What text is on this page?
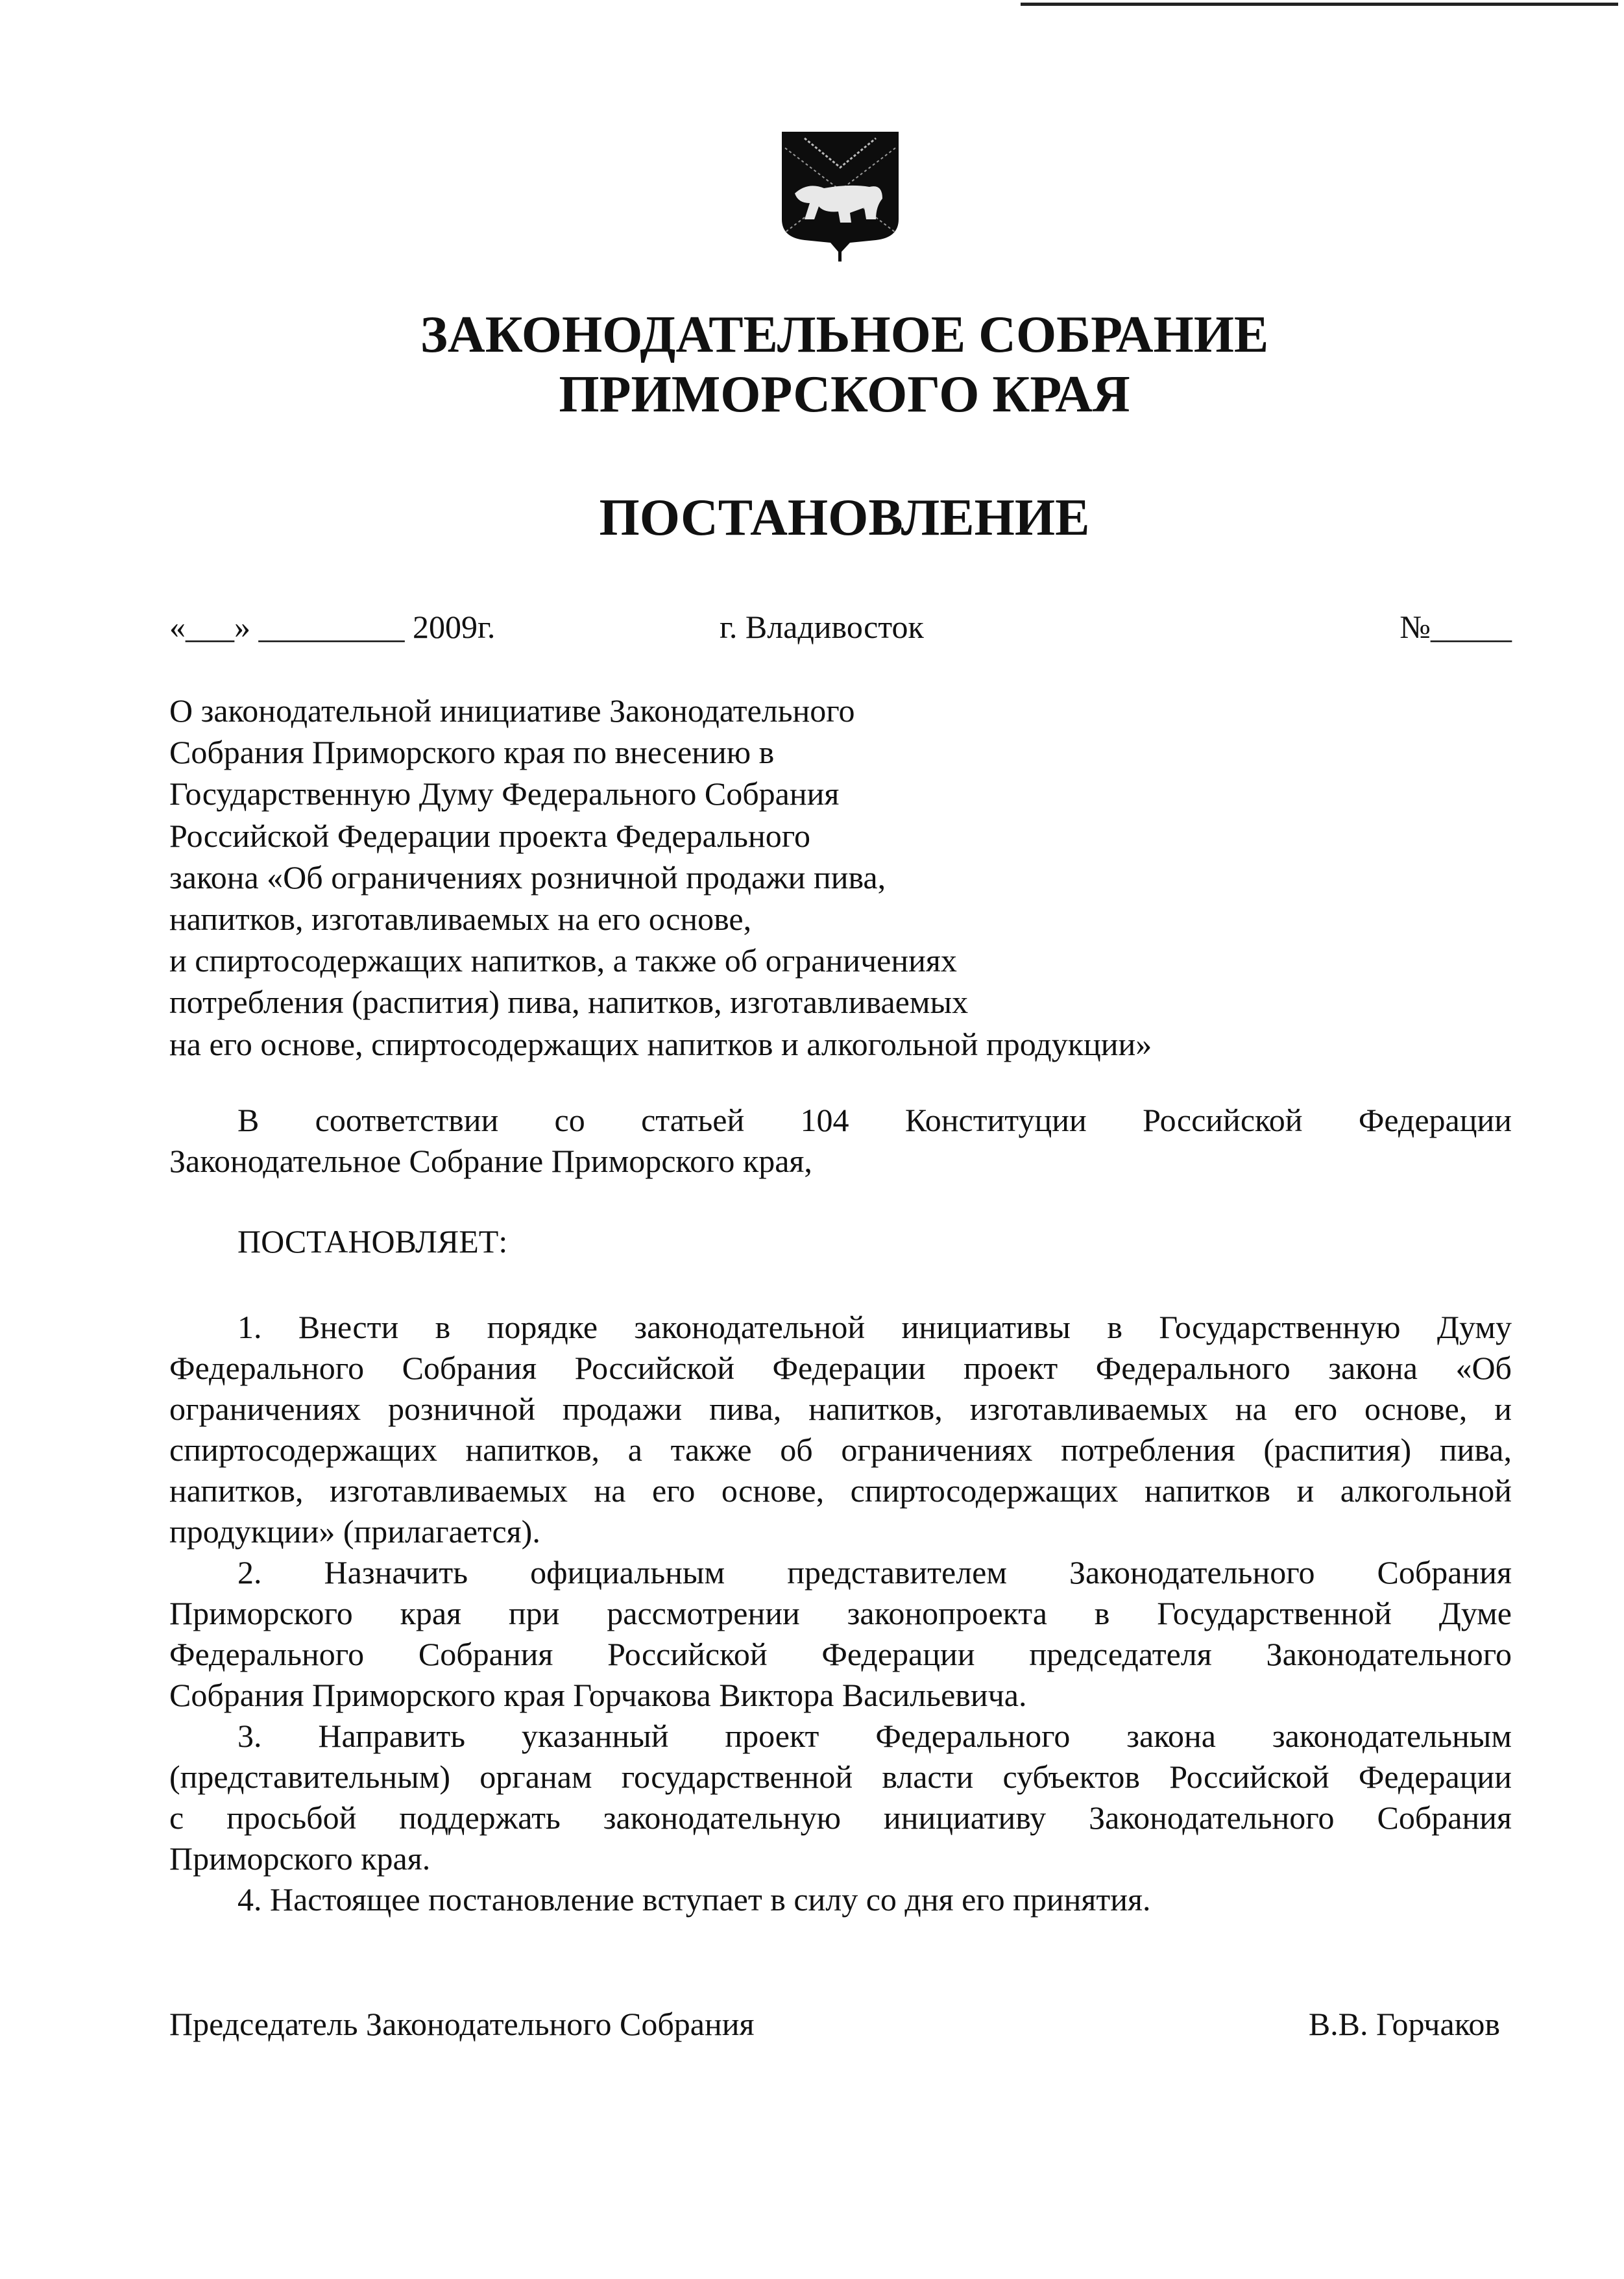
ЗАКОНОДАТЕЛЬНОЕ СОБРАНИЕ
ПРИМОРСКОГО КРАЯ
ПОСТАНОВЛЕНИЕ
«___» _________ 2009г.	г. Владивосток	№_____
О законодательной инициативе Законодательного
Собрания Приморского края по внесению в
Государственную Думу Федерального Собрания
Российской Федерации проекта Федерального
закона «Об ограничениях розничной продажи пива,
напитков, изготавливаемых на его основе,
и спиртосодержащих напитков, а также об ограничениях
потребления (распития) пива, напитков, изготавливаемых
на его основе, спиртосодержащих напитков и алкогольной продукции»
В соответствии со статьей 104 Конституции Российской Федерации
Законодательное Собрание Приморского края,
ПОСТАНОВЛЯЕТ:
1. Внести в порядке законодательной инициативы в Государственную Думу
Федерального Собрания Российской Федерации проект Федерального закона «Об
ограничениях розничной продажи пива, напитков, изготавливаемых на его основе, и
спиртосодержащих напитков, а также об ограничениях потребления (распития) пива,
напитков, изготавливаемых на его основе, спиртосодержащих напитков и алкогольной
продукции» (прилагается).
2. Назначить официальным представителем Законодательного Собрания
Приморского края при рассмотрении законопроекта в Государственной Думе
Федерального Собрания Российской Федерации председателя Законодательного
Собрания Приморского края Горчакова Виктора Васильевича.
3. Направить указанный проект Федерального закона законодательным
(представительным) органам государственной власти субъектов Российской Федерации
с просьбой поддержать законодательную инициативу Законодательного Собрания
Приморского края.
4. Настоящее постановление вступает в силу со дня его принятия.
Председатель Законодательного Собрания	В.В. Горчаков
